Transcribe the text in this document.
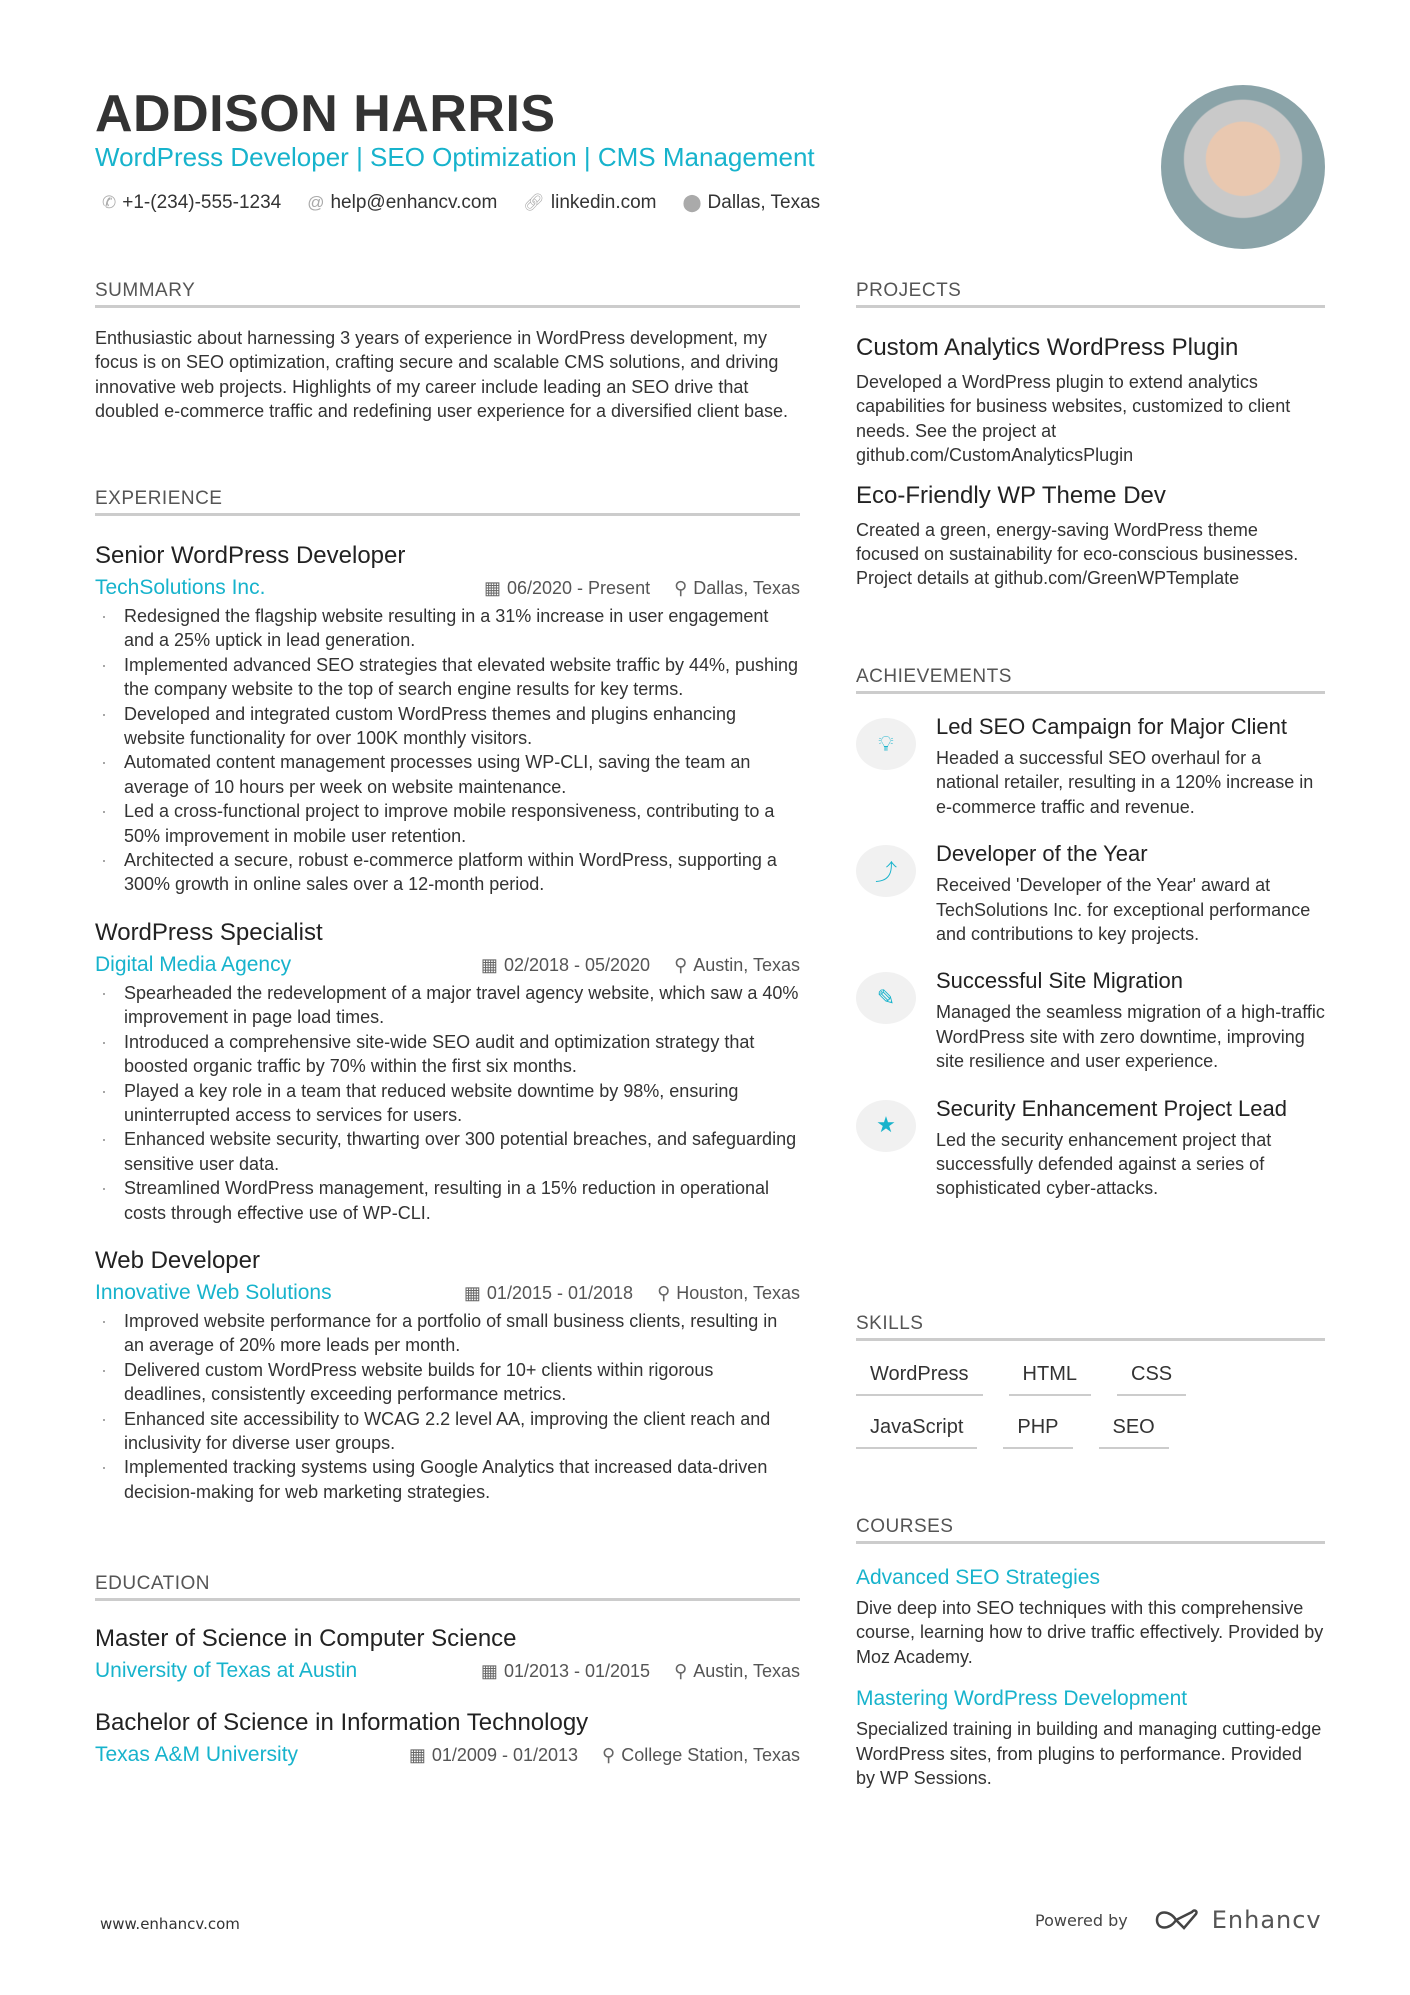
ADDISON HARRIS
WordPress Developer | SEO Optimization | CMS Management
✆ +1-(234)-555-1234 @ help@enhancv.com 🔗︎ linkedin.com ⬤ Dallas, Texas
SUMMARY
Enthusiastic about harnessing 3 years of experience in WordPress development, my focus is on SEO optimization, crafting secure and scalable CMS solutions, and driving innovative web projects. Highlights of my career include leading an SEO drive that doubled e-commerce traffic and redefining user experience for a diversified client base.
EXPERIENCE
Senior WordPress Developer
TechSolutions Inc.	▦ 06/2020 - Present ⚲ Dallas, Texas
· Redesigned the flagship website resulting in a 31% increase in user engagement and a 25% uptick in lead generation.
· Implemented advanced SEO strategies that elevated website traffic by 44%, pushing the company website to the top of search engine results for key terms.
· Developed and integrated custom WordPress themes and plugins enhancing website functionality for over 100K monthly visitors.
· Automated content management processes using WP-CLI, saving the team an average of 10 hours per week on website maintenance.
· Led a cross-functional project to improve mobile responsiveness, contributing to a 50% improvement in mobile user retention.
· Architected a secure, robust e-commerce platform within WordPress, supporting a 300% growth in online sales over a 12-month period.
WordPress Specialist
Digital Media Agency	▦ 02/2018 - 05/2020 ⚲ Austin, Texas
· Spearheaded the redevelopment of a major travel agency website, which saw a 40% improvement in page load times.
· Introduced a comprehensive site-wide SEO audit and optimization strategy that boosted organic traffic by 70% within the first six months.
· Played a key role in a team that reduced website downtime by 98%, ensuring uninterrupted access to services for users.
· Enhanced website security, thwarting over 300 potential breaches, and safeguarding sensitive user data.
· Streamlined WordPress management, resulting in a 15% reduction in operational costs through effective use of WP-CLI.
Web Developer
Innovative Web Solutions	▦ 01/2015 - 01/2018 ⚲ Houston, Texas
· Improved website performance for a portfolio of small business clients, resulting in an average of 20% more leads per month.
· Delivered custom WordPress website builds for 10+ clients within rigorous deadlines, consistently exceeding performance metrics.
· Enhanced site accessibility to WCAG 2.2 level AA, improving the client reach and inclusivity for diverse user groups.
· Implemented tracking systems using Google Analytics that increased data-driven decision-making for web marketing strategies.
EDUCATION
Master of Science in Computer Science
University of Texas at Austin	▦ 01/2013 - 01/2015 ⚲ Austin, Texas
Bachelor of Science in Information Technology
Texas A&M University	▦ 01/2009 - 01/2013 ⚲ College Station, Texas
PROJECTS
Custom Analytics WordPress Plugin
Developed a WordPress plugin to extend analytics capabilities for business websites, customized to client needs. See the project at github.com/CustomAnalyticsPlugin
Eco-Friendly WP Theme Dev
Created a green, energy-saving WordPress theme focused on sustainability for eco-conscious businesses. Project details at github.com/GreenWPTemplate
ACHIEVEMENTS
💡︎
Led SEO Campaign for Major Client
Headed a successful SEO overhaul for a national retailer, resulting in a 120% increase in e-commerce traffic and revenue.
⤴
Developer of the Year
Received 'Developer of the Year' award at TechSolutions Inc. for exceptional performance and contributions to key projects.
✎
Successful Site Migration
Managed the seamless migration of a high-traffic WordPress site with zero downtime, improving site resilience and user experience.
★
Security Enhancement Project Lead
Led the security enhancement project that successfully defended against a series of sophisticated cyber-attacks.
SKILLS
WordPress	HTML	CSS
JavaScript	PHP	SEO
COURSES
Advanced SEO Strategies
Dive deep into SEO techniques with this comprehensive course, learning how to drive traffic effectively. Provided by Moz Academy.
Mastering WordPress Development
Specialized training in building and managing cutting-edge WordPress sites, from plugins to performance. Provided by WP Sessions.
www.enhancv.com	Powered by	Enhancv
